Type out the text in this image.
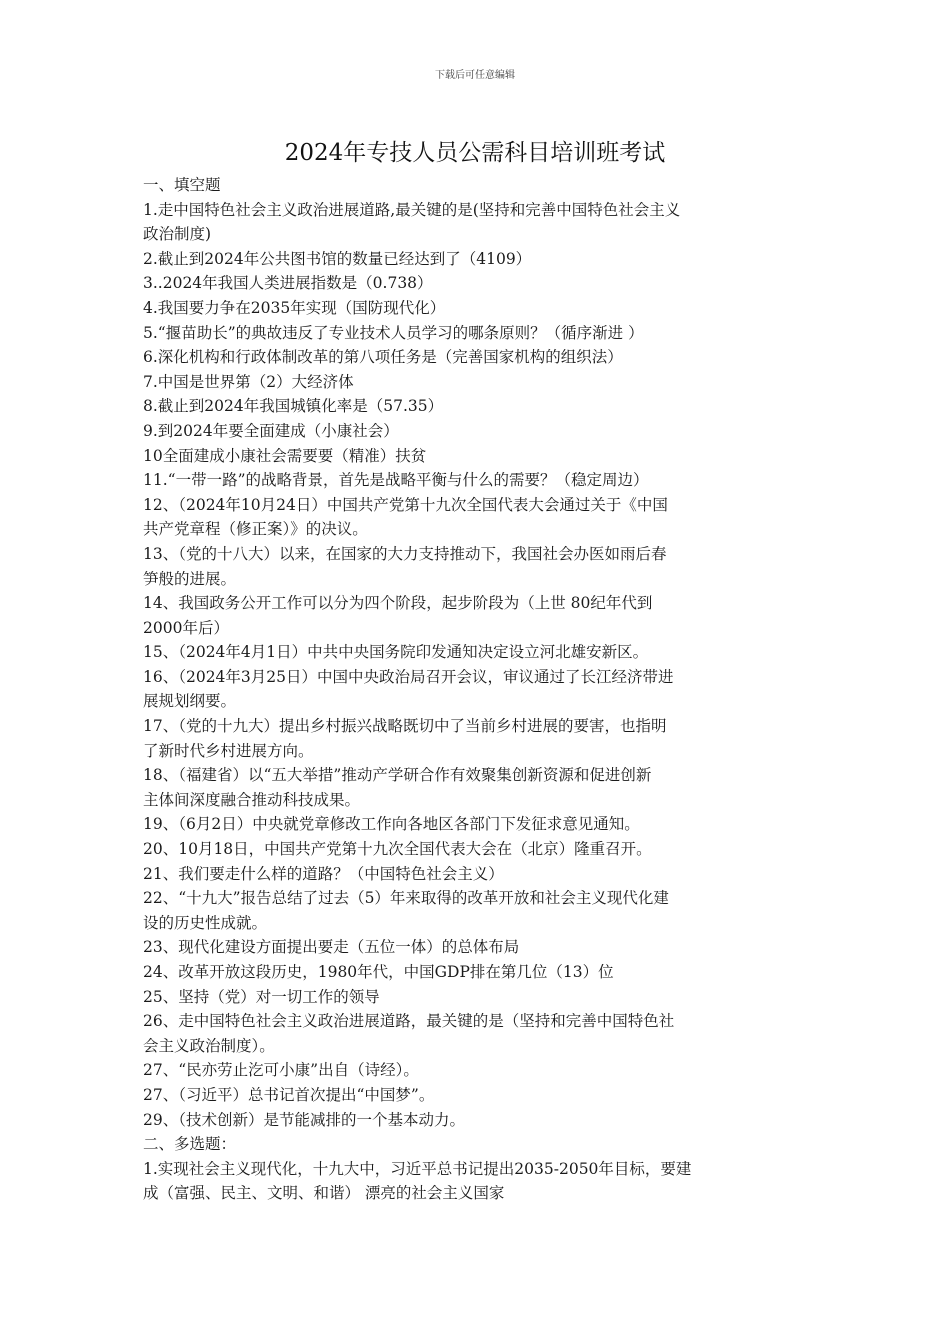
下载后可任意编辑
2024年专技人员公需科目培训班考试
一、填空题
1.走中国特色社会主义政治进展道路,最关键的是(坚持和完善中国特色社会主义
政治制度)
2.截止到2024年公共图书馆的数量已经达到了（4109）
3..2024年我国人类进展指数是（0.738）
4.我国要力争在2035年实现（国防现代化）
5.“揠苗助长”的典故违反了专业技术人员学习的哪条原则？（循序渐进 ）
6.深化机构和行政体制改革的第八项任务是（完善国家机构的组织法）
7.中国是世界第（2）大经济体
8.截止到2024年我国城镇化率是（57.35）
9.到2024年要全面建成（小康社会）
10全面建成小康社会需要要（精准）扶贫
11.“一带一路”的战略背景，首先是战略平衡与什么的需要？（稳定周边）
12、（2024年10月24日）中国共产党第十九次全国代表大会通过关于《中国
共产党章程（修正案）》的决议。
13、（党的十八大）以来，在国家的大力支持推动下，我国社会办医如雨后春
笋般的进展。
14、我国政务公开工作可以分为四个阶段，起步阶段为（上世 80纪年代到
2000年后）
15、（2024年4月1日）中共中央国务院印发通知决定设立河北雄安新区。
16、（2024年3月25日）中国中央政治局召开会议，审议通过了长江经济带进
展规划纲要。
17、（党的十九大）提出乡村振兴战略既切中了当前乡村进展的要害，也指明
了新时代乡村进展方向。
18、（福建省）以“五大举措”推动产学研合作有效聚集创新资源和促进创新
主体间深度融合推动科技成果。
19、（6月2日）中央就党章修改工作向各地区各部门下发征求意见通知。
20、10月18日，中国共产党第十九次全国代表大会在（北京）隆重召开。
21、我们要走什么样的道路？（中国特色社会主义）
22、“十九大”报告总结了过去（5）年来取得的改革开放和社会主义现代化建
设的历史性成就。
23、现代化建设方面提出要走（五位一体）的总体布局
24、改革开放这段历史，1980年代，中国GDP排在第几位（13）位
25、坚持（党）对一切工作的领导
26、走中国特色社会主义政治进展道路，最关键的是（坚持和完善中国特色社
会主义政治制度）。
27、“民亦劳止汔可小康”出自（诗经）。
27、（习近平）总书记首次提出“中国梦”。
29、（技术创新）是节能减排的一个基本动力。
二、多选题：
1.实现社会主义现代化，十九大中，习近平总书记提出2035-2050年目标，要建
成（富强、民主、文明、和谐） 漂亮的社会主义国家
